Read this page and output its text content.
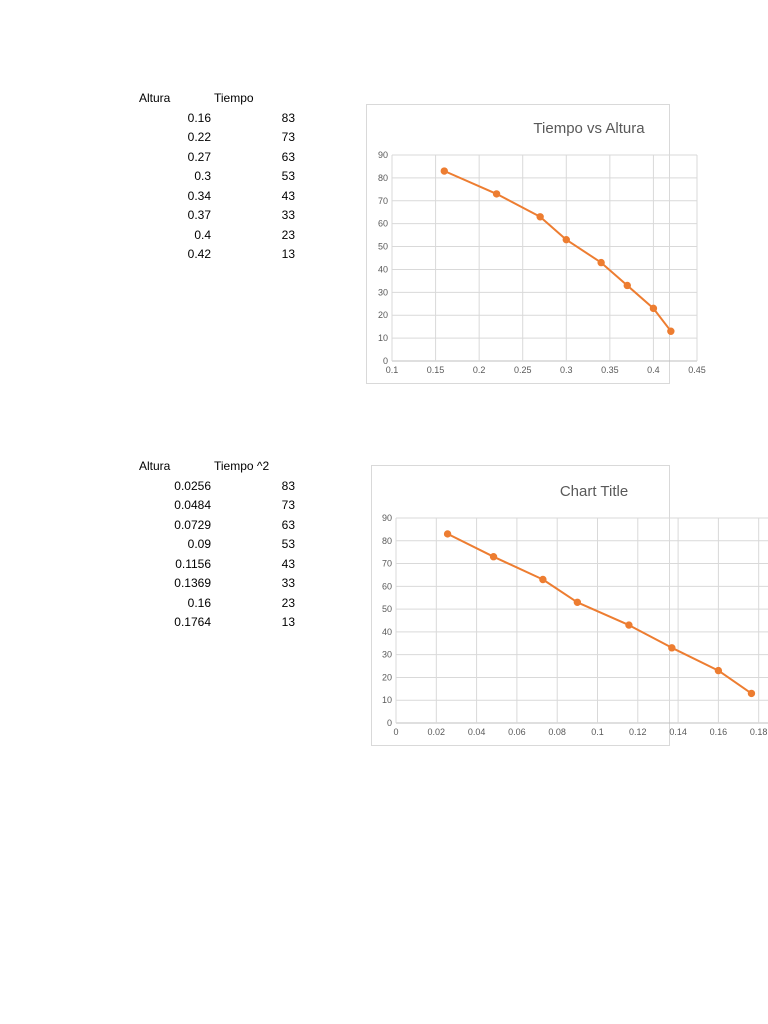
Altura	Tiempo
0.16	83
0.22	73
0.27	63
0.3	53
0.34	43
0.37	33
0.4	23
0.42	13
Tiempo vs Altura
0
10
20
30
40
50
60
70
80
90
0.1	0.15	0.2	0.25	0.3	0.35	0.4	0.45
Altura	Tiempo ^2
0.0256	83
0.0484	73
0.0729	63
0.09	53
0.1156	43
0.1369	33
0.16	23
0.1764	13
Chart Title
0
10
20
30
40
50
60
70
80
90
0	0.02	0.04	0.06	0.08	0.1	0.12	0.14	0.16	0.18
